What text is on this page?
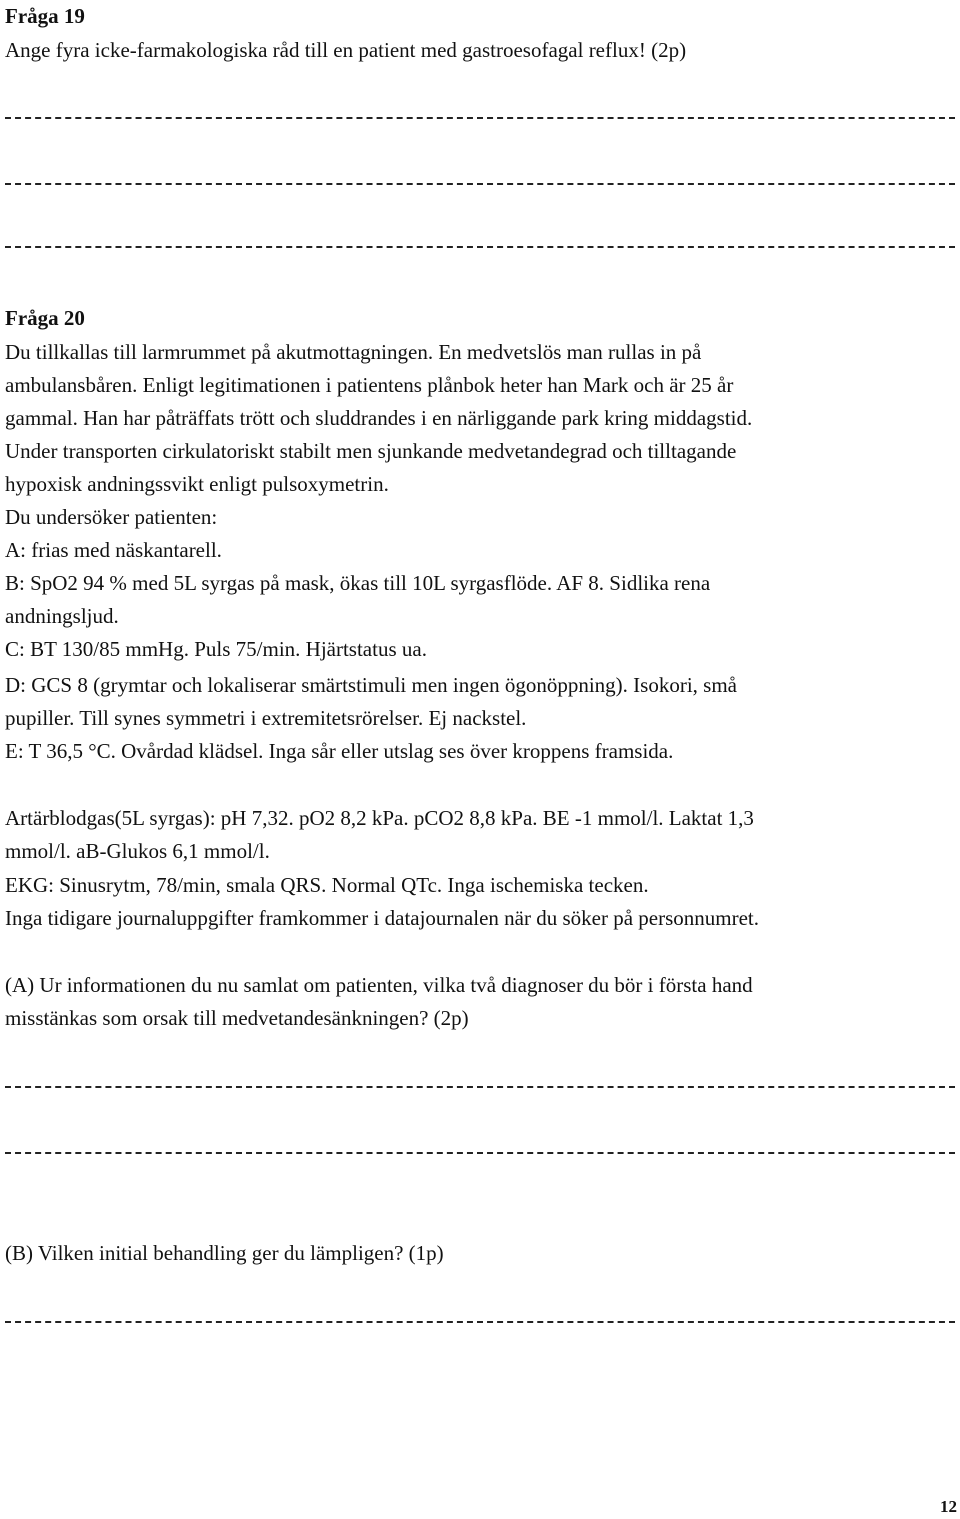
Fråga 19
Ange fyra icke-farmakologiska råd till en patient med gastroesofagal reflux! (2p)
Fråga 20
Du tillkallas till larmrummet på akutmottagningen. En medvetslös man rullas in på
ambulansbåren. Enligt legitimationen i patientens plånbok heter han Mark och är 25 år
gammal. Han har påträffats trött och sluddrandes i en närliggande park kring middagstid.
Under transporten cirkulatoriskt stabilt men sjunkande medvetandegrad och tilltagande
hypoxisk andningssvikt enligt pulsoxymetrin.
Du undersöker patienten:
A: frias med näskantarell.
B: SpO2 94 % med 5L syrgas på mask, ökas till 10L syrgasflöde. AF 8. Sidlika rena
andningsljud.
C: BT 130/85 mmHg. Puls 75/min. Hjärtstatus ua.
D: GCS 8 (grymtar och lokaliserar smärtstimuli men ingen ögonöppning). Isokori, små
pupiller. Till synes symmetri i extremitetsrörelser. Ej nackstel.
E: T 36,5 °C. Ovårdad klädsel. Inga sår eller utslag ses över kroppens framsida.
Artärblodgas(5L syrgas): pH 7,32. pO2 8,2 kPa. pCO2 8,8 kPa. BE -1 mmol/l. Laktat 1,3
mmol/l. aB-Glukos 6,1 mmol/l.
EKG: Sinusrytm, 78/min, smala QRS. Normal QTc. Inga ischemiska tecken.
Inga tidigare journaluppgifter framkommer i datajournalen när du söker på personnumret.
(A) Ur informationen du nu samlat om patienten, vilka två diagnoser du bör i första hand
misstänkas som orsak till medvetandesänkningen? (2p)
(B) Vilken initial behandling ger du lämpligen? (1p)
12
